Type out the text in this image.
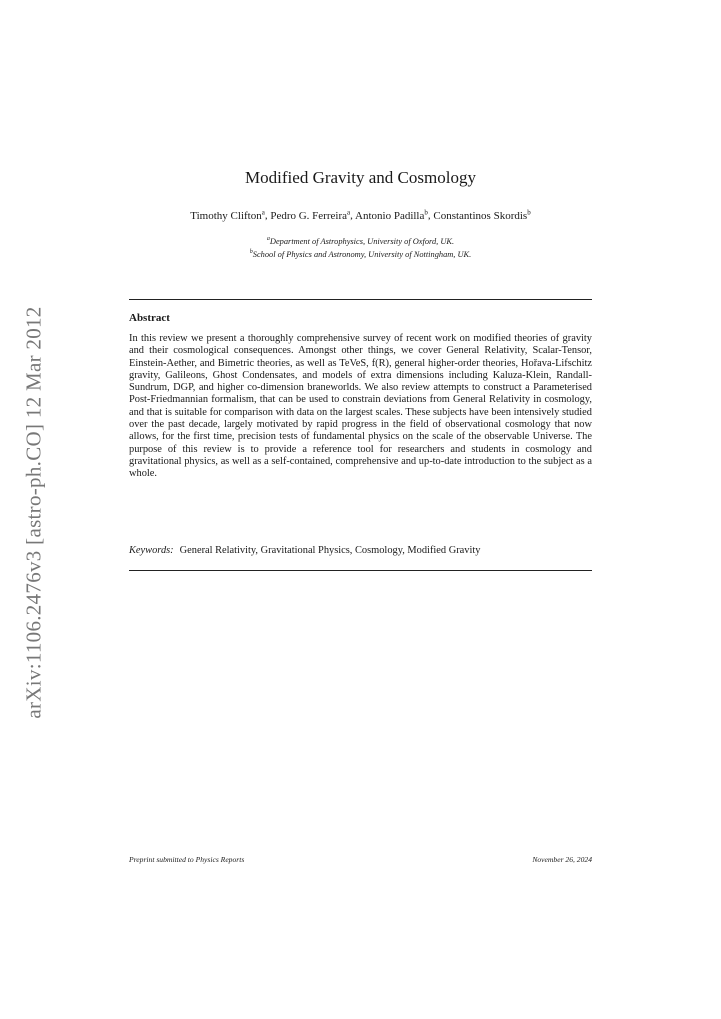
arXiv:1106.2476v3 [astro-ph.CO] 12 Mar 2012
Modified Gravity and Cosmology
Timothy Clifton$^a$, Pedro G. Ferreira$^a$, Antonio Padilla$^b$, Constantinos Skordis$^b$
$^a$Department of Astrophysics, University of Oxford, UK.
$^b$School of Physics and Astronomy, University of Nottingham, UK.
Abstract
In this review we present a thoroughly comprehensive survey of recent work on modified theories of gravity and their cosmological consequences. Amongst other things, we cover General Relativity, Scalar-Tensor, Einstein-Aether, and Bimetric theories, as well as TeVeS, f(R), general higher-order theories, Hořava-Lifschitz gravity, Galileons, Ghost Condensates, and models of extra dimensions including Kaluza-Klein, Randall-Sundrum, DGP, and higher co-dimension braneworlds. We also review attempts to construct a Parameterised Post-Friedmannian formalism, that can be used to constrain deviations from General Relativity in cosmology, and that is suitable for comparison with data on the largest scales. These subjects have been intensively studied over the past decade, largely motivated by rapid progress in the field of observational cosmology that now allows, for the first time, precision tests of fundamental physics on the scale of the observable Universe. The purpose of this review is to provide a reference tool for researchers and students in cosmology and gravitational physics, as well as a self-contained, comprehensive and up-to-date introduction to the subject as a whole.
Keywords: General Relativity, Gravitational Physics, Cosmology, Modified Gravity
Preprint submitted to Physics Reports	November 26, 2024
